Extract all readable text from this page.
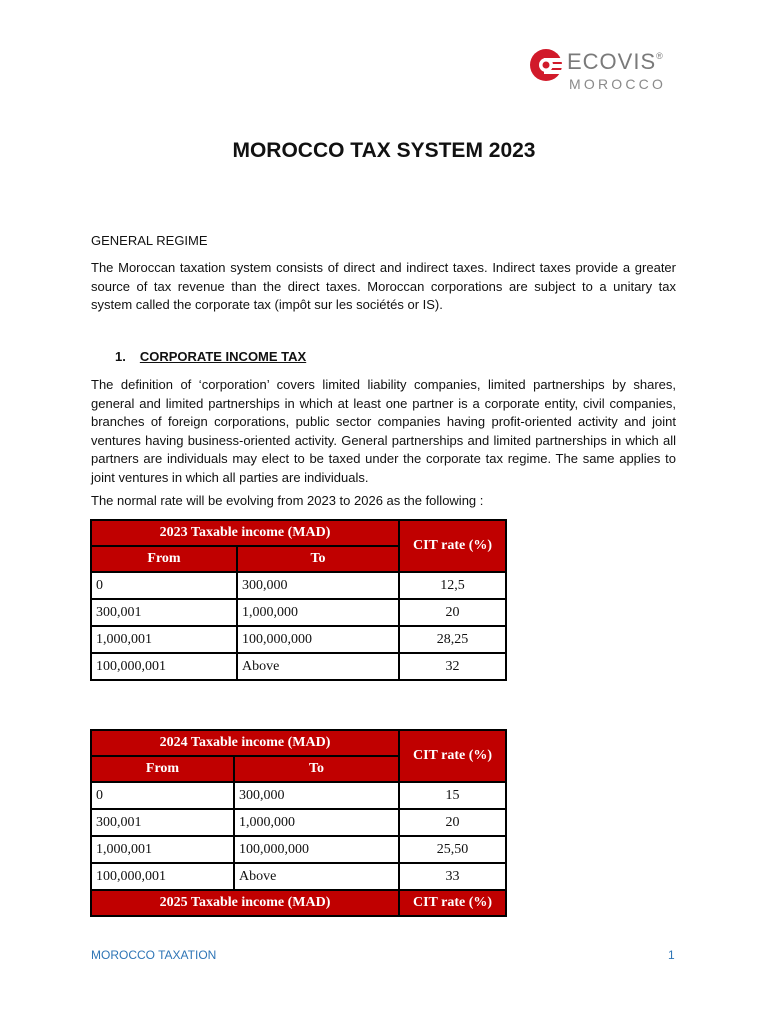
ECOVIS®
MOROCCO
MOROCCO TAX SYSTEM 2023
GENERAL REGIME
The Moroccan taxation system consists of direct and indirect taxes. Indirect taxes provide a greater source of tax revenue than the direct taxes. Moroccan corporations are subject to a unitary tax system called the corporate tax (impôt sur les sociétés or IS).
1. CORPORATE INCOME TAX
The definition of ‘corporation’ covers limited liability companies, limited partnerships by shares, general and limited partnerships in which at least one partner is a corporate entity, civil companies, branches of foreign corporations, public sector companies having profit-oriented activity and joint ventures having business-oriented activity. General partnerships and limited partnerships in which all partners are individuals may elect to be taxed under the corporate tax regime. The same applies to joint ventures in which all parties are individuals.
The normal rate will be evolving from 2023 to 2026 as the following :
2023 Taxable income (MAD)		CIT rate (%)
From	To	
0	300,000	12,5
300,001	1,000,000	20
1,000,001	100,000,000	28,25
100,000,001	Above	32
2024 Taxable income (MAD)		CIT rate (%)
From	To	
0	300,000	15
300,001	1,000,000	20
1,000,001	100,000,000	25,50
100,000,001	Above	33
2025 Taxable income (MAD)		CIT rate (%)
MOROCCO TAXATION	1
